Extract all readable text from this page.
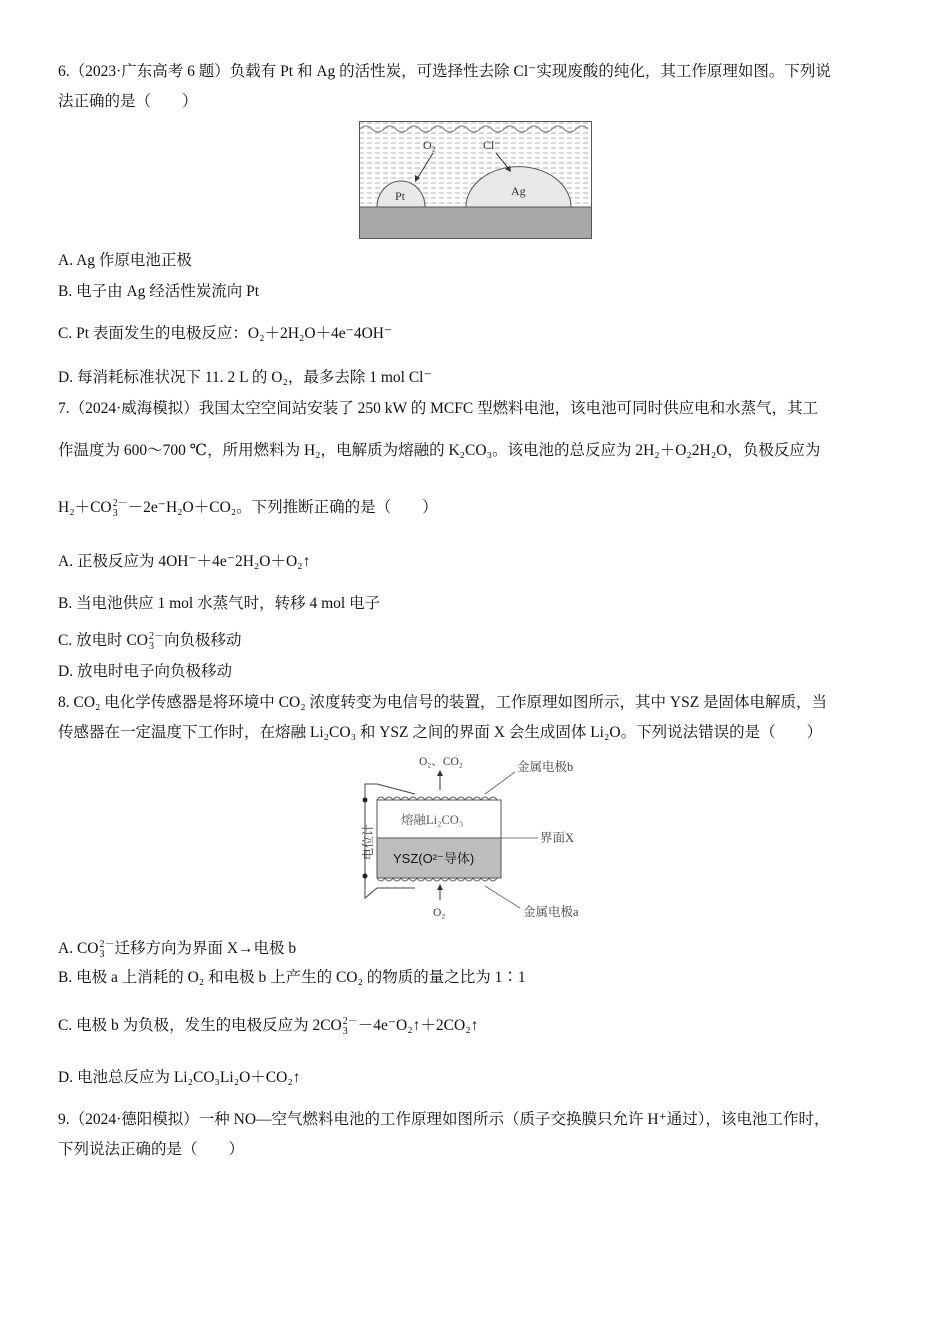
6.（2023·广东高考 6 题）负载有 Pt 和 Ag 的活性炭，可选择性去除 Cl⁻实现废酸的纯化，其工作原理如图。下列说
法正确的是（　　）
O₂	Cl⁻
Pt	Ag
A. Ag 作原电池正极
B. 电子由 Ag 经活性炭流向 Pt
C. Pt 表面发生的电极反应：O₂＋2H₂O＋4e⁻4OH⁻
D. 每消耗标准状况下 11. 2 L 的 O₂，最多去除 1 mol Cl⁻
7.（2024·威海模拟）我国太空空间站安装了 250 kW 的 MCFC 型燃料电池，该电池可同时供应电和水蒸气，其工
作温度为 600～700 ℃，所用燃料为 H₂，电解质为熔融的 K₂CO₃。该电池的总反应为 2H₂＋O₂2H₂O，负极反应为
H₂＋CO 2
3
－－2e⁻H₂O＋CO₂。下列推断正确的是（　　）
A. 正极反应为 4OH⁻＋4e⁻2H₂O＋O₂↑
B. 当电池供应 1 mol 水蒸气时，转移 4 mol 电子
C. 放电时 CO 2
3
－向负极移动
D. 放电时电子向负极移动
8. CO₂ 电化学传感器是将环境中 CO₂ 浓度转变为电信号的装置，工作原理如图所示，其中 YSZ 是固体电解质，当
传感器在一定温度下工作时，在熔融 Li₂CO₃ 和 YSZ 之间的界面 X 会生成固体 Li₂O。下列说法错误的是（　　）
O₂、CO₂	金属电极b
熔融Li₂CO₃
界面X
YSZ(O²⁻导体)
电位计
O₂	金属电极a
A. CO 2
3
－迁移方向为界面 X→电极 b
B. 电极 a 上消耗的 O₂ 和电极 b 上产生的 CO₂ 的物质的量之比为 1∶1
C. 电极 b 为负极，发生的电极反应为 2CO 2
3
－－4e⁻O₂↑＋2CO₂↑
D. 电池总反应为 Li₂CO₃Li₂O＋CO₂↑
9.（2024·德阳模拟）一种 NO—空气燃料电池的工作原理如图所示（质子交换膜只允许 H⁺通过），该电池工作时，
下列说法正确的是（　　）
